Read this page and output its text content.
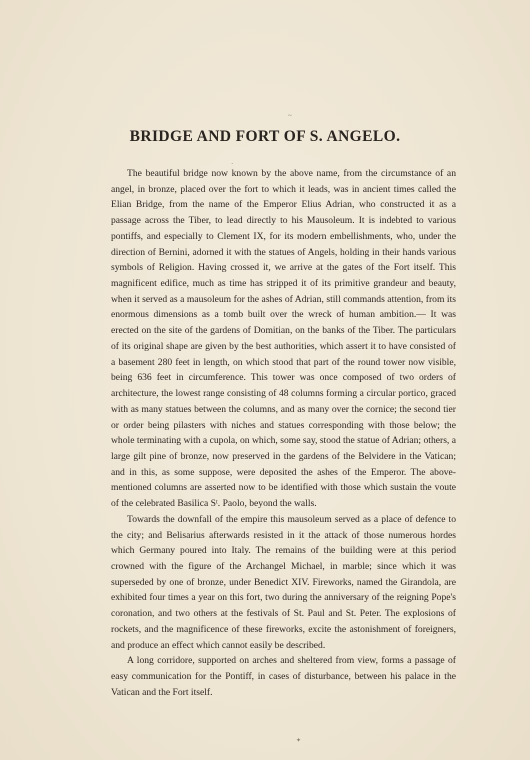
~
BRIDGE AND FORT OF S. ANGELO.
·

The beautiful bridge now known by the above name, from the circumstance of an angel, in bronze, placed over the fort to which it leads, was in ancient times called the Elian Bridge, from the name of the Emperor Elius Adrian, who constructed it as a passage across the Tiber, to lead directly to his Mausoleum. It is indebted to various pontiffs, and especially to Clement IX, for its modern embellishments, who, under the direction of Bernini, adorned it with the statues of Angels, holding in their hands various symbols of Religion. Having crossed it, we arrive at the gates of the Fort itself. This magnificent edifice, much as time has stripped it of its primitive grandeur and beauty, when it served as a mausoleum for the ashes of Adrian, still commands attention, from its enormous dimensions as a tomb built over the wreck of human ambition.— It was erected on the site of the gardens of Domitian, on the banks of the Tiber. The particulars of its original shape are given by the best authorities, which assert it to have consisted of a basement 280 feet in length, on which stood that part of the round tower now visible, being 636 feet in circumference. This tower was once composed of two orders of architecture, the lowest range consisting of 48 columns forming a circular portico, graced with as many statues between the columns, and as many over the cornice; the second tier or order being pilasters with niches and statues corresponding with those below; the whole terminating with a cupola, on which, some say, stood the statue of Adrian; others, a large gilt pine of bronze, now preserved in the gardens of the Belvidere in the Vatican; and in this, as some suppose, were deposited the ashes of the Emperor. The above-mentioned columns are asserted now to be identified with those which sustain the voute of the celebrated Basilica Sᵗ. Paolo, beyond the walls.

Towards the downfall of the empire this mausoleum served as a place of defence to the city; and Belisarius afterwards resisted in it the attack of those numerous hordes which Germany poured into Italy. The remains of the building were at this period crowned with the figure of the Archangel Michael, in marble; since which it was superseded by one of bronze, under Benedict XIV. Fireworks, named the Girandola, are exhibited four times a year on this fort, two during the anniversary of the reigning Pope's coronation, and two others at the festivals of St. Paul and St. Peter. The explosions of rockets, and the magnificence of these fireworks, excite the astonishment of foreigners, and produce an effect which cannot easily be described.

A long corridore, supported on arches and sheltered from view, forms a passage of easy communication for the Pontiff, in cases of disturbance, between his palace in the Vatican and the Fort itself.

✦
